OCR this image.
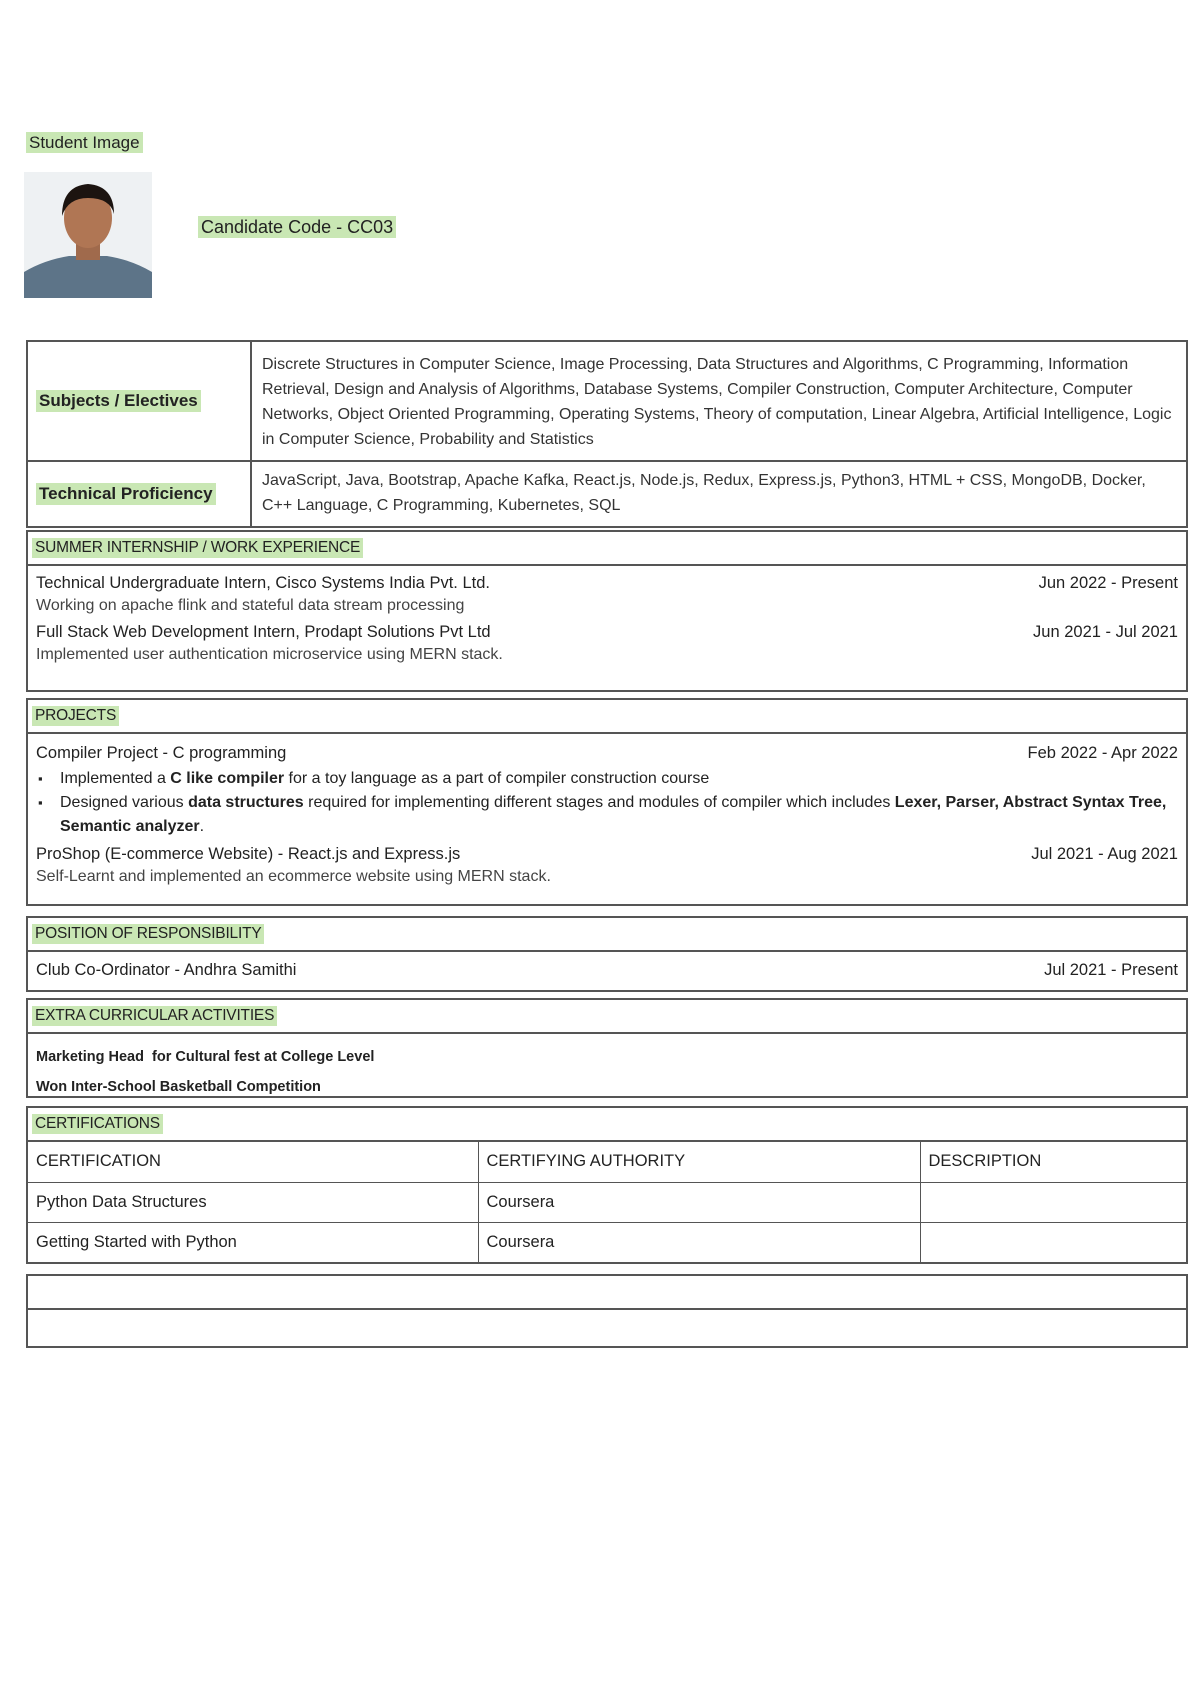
Student Image
Candidate Code - CC03
Subjects / Electives
Discrete Structures in Computer Science, Image Processing, Data Structures and Algorithms, C Programming, Information Retrieval, Design and Analysis of Algorithms, Database Systems, Compiler Construction, Computer Architecture, Computer Networks, Object Oriented Programming, Operating Systems, Theory of computation, Linear Algebra, Artificial Intelligence, Logic in Computer Science, Probability and Statistics
Technical Proficiency
JavaScript, Java, Bootstrap, Apache Kafka, React.js, Node.js, Redux, Express.js, Python3, HTML + CSS, MongoDB, Docker, C++ Language, C Programming, Kubernetes, SQL
SUMMER INTERNSHIP / WORK EXPERIENCE
Technical Undergraduate Intern, Cisco Systems India Pvt. Ltd.	Jun 2022 - Present
Working on apache flink and stateful data stream processing
Full Stack Web Development Intern, Prodapt Solutions Pvt Ltd	Jun 2021 - Jul 2021
Implemented user authentication microservice using MERN stack.
PROJECTS
Compiler Project - C programming	Feb 2022 - Apr 2022
▪ Implemented a C like compiler for a toy language as a part of compiler construction course
▪ Designed various data structures required for implementing different stages and modules of compiler which includes Lexer, Parser, Abstract Syntax Tree, Semantic analyzer.
ProShop (E-commerce Website) - React.js and Express.js	Jul 2021 - Aug 2021
Self-Learnt and implemented an ecommerce website using MERN stack.
POSITION OF RESPONSIBILITY
Club Co-Ordinator - Andhra Samithi	Jul 2021 - Present
EXTRA CURRICULAR ACTIVITIES
Marketing Head  for Cultural fest at College Level
Won Inter-School Basketball Competition
CERTIFICATIONS
CERTIFICATION	CERTIFYING AUTHORITY	DESCRIPTION
Python Data Structures	Coursera	
Getting Started with Python	Coursera	
